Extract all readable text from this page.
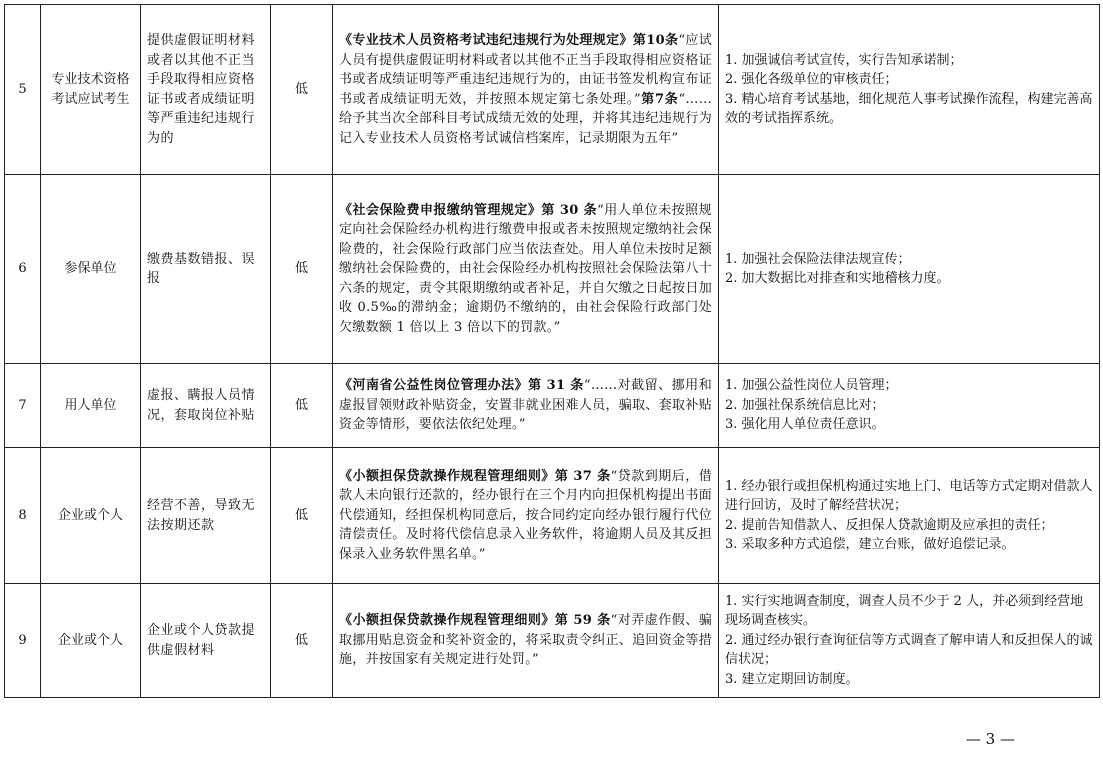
5	专业技术资格考试应试考生	提供虚假证明材料或者以其他不正当手段取得相应资格证书或者成绩证明等严重违纪违规行为的	低	《专业技术人员资格考试违纪违规行为处理规定》第10条“应试人员有提供虚假证明材料或者以其他不正当手段取得相应资格证书或者成绩证明等严重违纪违规行为的，由证书签发机构宣布证书或者成绩证明无效，并按照本规定第七条处理。”第7条“……给予其当次全部科目考试成绩无效的处理，并将其违纪违规行为记入专业技术人员资格考试诚信档案库，记录期限为五年”	1. 加强诚信考试宣传，实行告知承诺制；
2. 强化各级单位的审核责任；
3. 精心培育考试基地，细化规范人事考试操作流程，构建完善高效的考试指挥系统。

6	参保单位	缴费基数错报、误报	低	《社会保险费申报缴纳管理规定》第 30 条“用人单位未按照规定向社会保险经办机构进行缴费申报或者未按照规定缴纳社会保险费的，社会保险行政部门应当依法查处。用人单位未按时足额缴纳社会保险费的，由社会保险经办机构按照社会保险法第八十六条的规定，责令其限期缴纳或者补足，并自欠缴之日起按日加收 0.5‰的滞纳金；逾期仍不缴纳的，由社会保险行政部门处欠缴数额 1 倍以上 3 倍以下的罚款。”	1. 加强社会保险法律法规宣传；
2. 加大数据比对排查和实地稽核力度。

7	用人单位	虚报、瞒报人员情况，套取岗位补贴	低	《河南省公益性岗位管理办法》第 31 条“……对截留、挪用和虚报冒领财政补贴资金，安置非就业困难人员，骗取、套取补贴资金等情形，要依法依纪处理。”	1. 加强公益性岗位人员管理；
2. 加强社保系统信息比对；
3. 强化用人单位责任意识。

8	企业或个人	经营不善，导致无法按期还款	低	《小额担保贷款操作规程管理细则》第 37 条“贷款到期后，借款人未向银行还款的，经办银行在三个月内向担保机构提出书面代偿通知，经担保机构同意后，按合同约定向经办银行履行代位清偿责任。及时将代偿信息录入业务软件，将逾期人员及其反担保录入业务软件黑名单。”	1. 经办银行或担保机构通过实地上门、电话等方式定期对借款人进行回访，及时了解经营状况；
2. 提前告知借款人、反担保人贷款逾期及应承担的责任；
3. 采取多种方式追偿，建立台账，做好追偿记录。

9	企业或个人	企业或个人贷款提供虚假材料	低	《小额担保贷款操作规程管理细则》第 59 条“对弄虚作假、骗取挪用贴息资金和奖补资金的，将采取责令纠正、追回资金等措施，并按国家有关规定进行处罚。”	1. 实行实地调查制度，调查人员不少于 2 人，并必须到经营地现场调查核实。
2. 通过经办银行查询征信等方式调查了解申请人和反担保人的诚信状况；
3. 建立定期回访制度。
— 3 —
